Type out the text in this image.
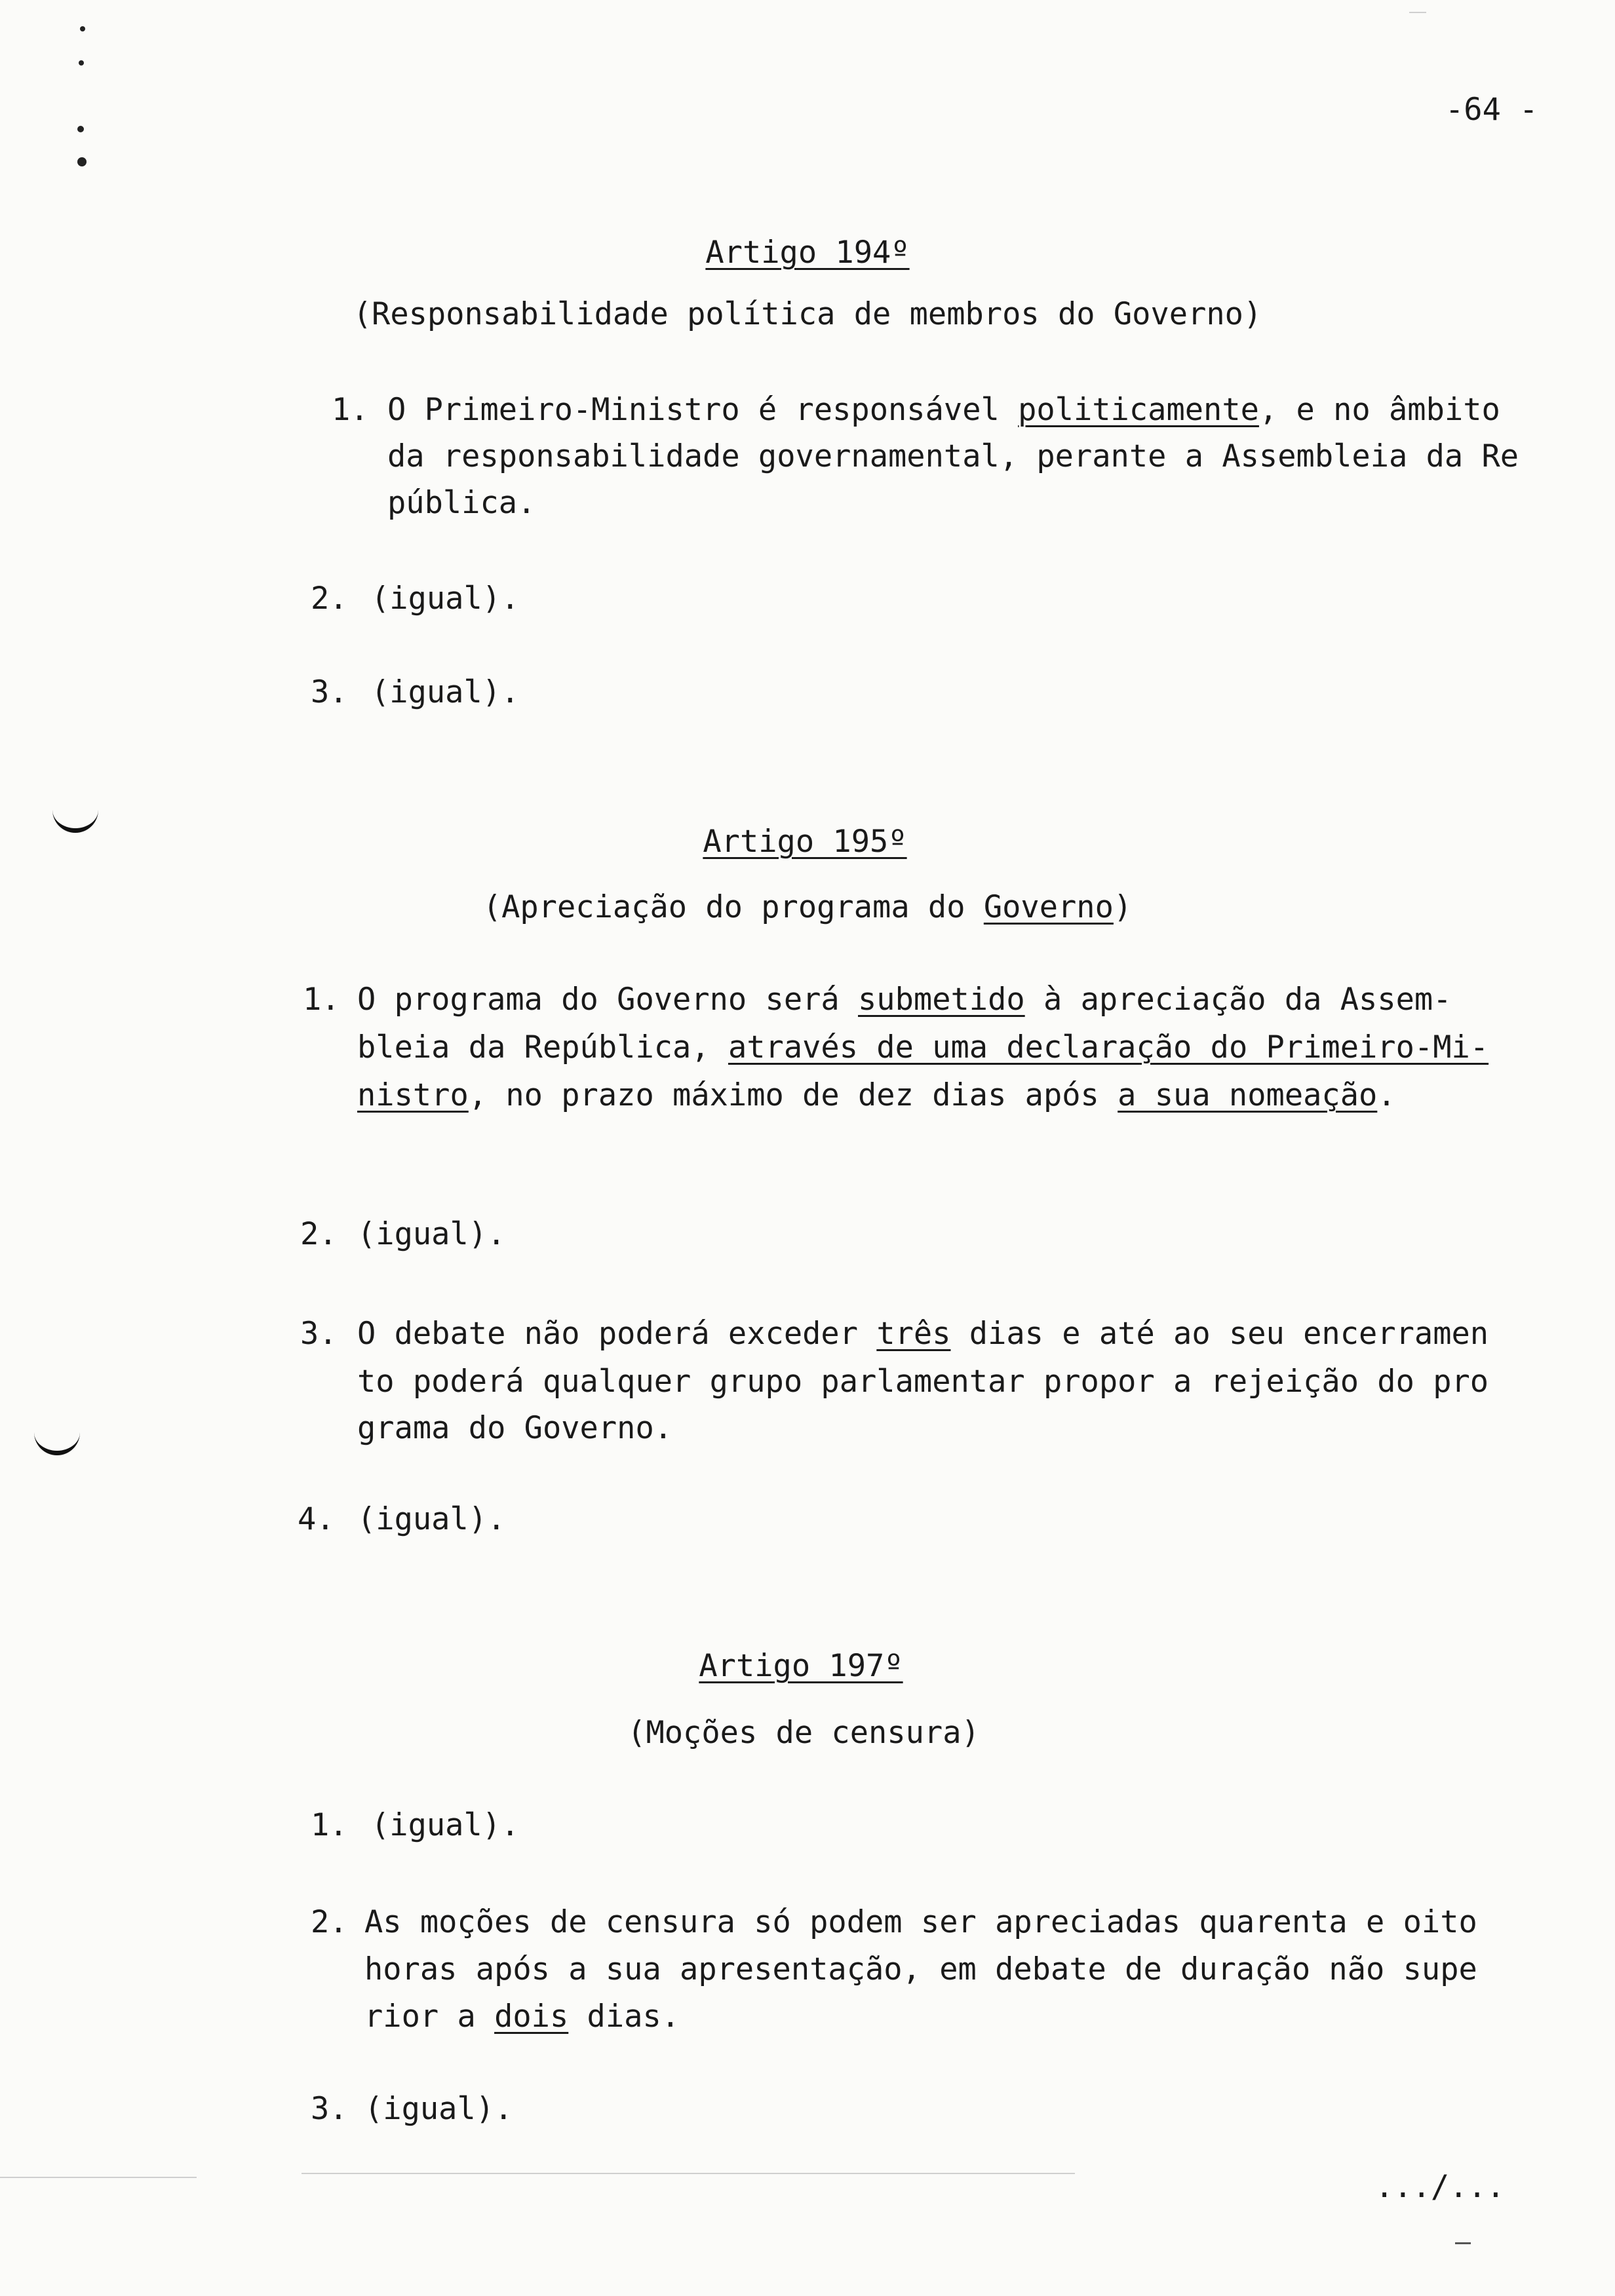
-64 -
Artigo 194º
(Responsabilidade política de membros do Governo)
1. O Primeiro-Ministro é responsável politicamente, e no âmbito
da responsabilidade governamental, perante a Assembleia da Re
pública.
2. (igual).
3. (igual).
Artigo 195º
(Apreciação do programa do Governo)
1. O programa do Governo será submetido à apreciação da Assem-
bleia da República, através de uma declaração do Primeiro-Mi-
nistro, no prazo máximo de dez dias após a sua nomeação.
2. (igual).
3. O debate não poderá exceder três dias e até ao seu encerramen
to poderá qualquer grupo parlamentar propor a rejeição do pro
grama do Governo.
4. (igual).
Artigo 197º
(Moções de censura)
1. (igual).
2. As moções de censura só podem ser apreciadas quarenta e oito
horas após a sua apresentação, em debate de duração não supe
rior a dois dias.
3. (igual).
.../...
